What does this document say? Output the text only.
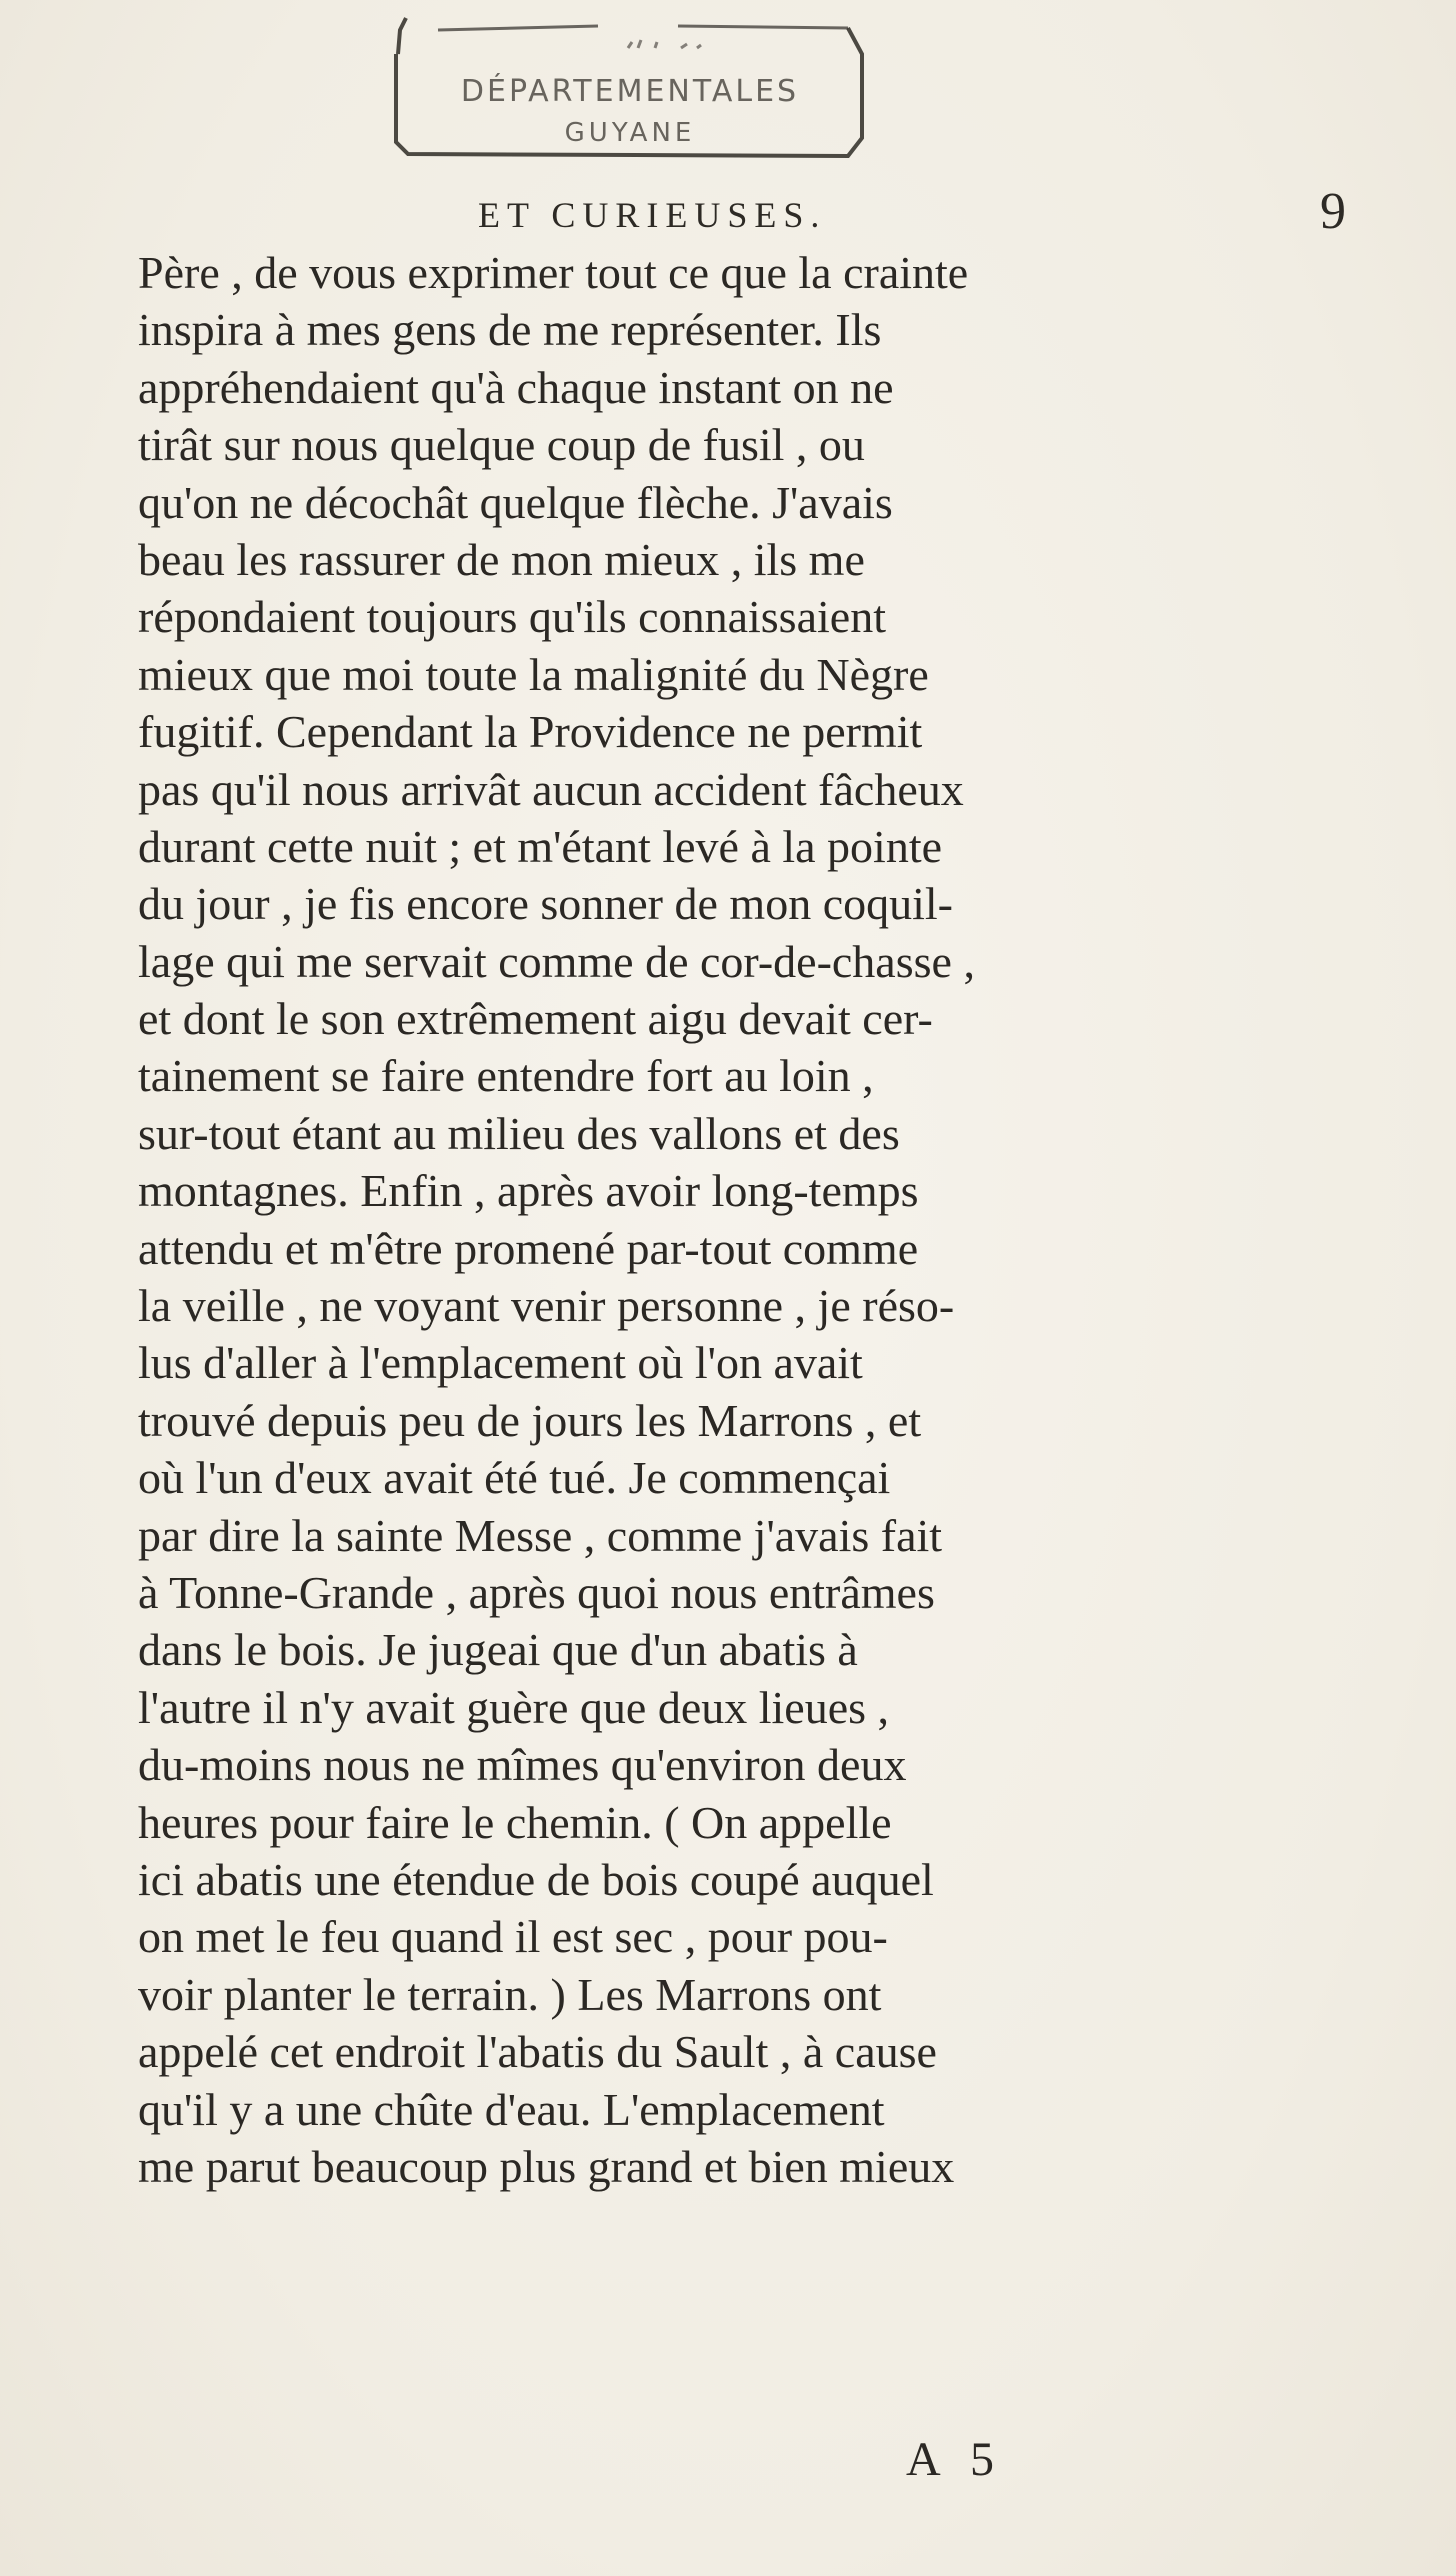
DÉPARTEMENTALES
GUYANE
ET CURIEUSES.	9
Père , de vous exprimer tout ce que la crainte
inspira à mes gens de me représenter. Ils
appréhendaient qu'à chaque instant on ne
tirât sur nous quelque coup de fusil , ou
qu'on ne décochât quelque flèche. J'avais
beau les rassurer de mon mieux , ils me
répondaient toujours qu'ils connaissaient
mieux que moi toute la malignité du Nègre
fugitif. Cependant la Providence ne permit
pas qu'il nous arrivât aucun accident fâcheux
durant cette nuit ; et m'étant levé à la pointe
du jour , je fis encore sonner de mon coquil-
lage qui me servait comme de cor-de-chasse ,
et dont le son extrêmement aigu devait cer-
tainement se faire entendre fort au loin ,
sur-tout étant au milieu des vallons et des
montagnes. Enfin , après avoir long-temps
attendu et m'être promené par-tout comme
la veille , ne voyant venir personne , je réso-
lus d'aller à l'emplacement où l'on avait
trouvé depuis peu de jours les Marrons , et
où l'un d'eux avait été tué. Je commençai
par dire la sainte Messe , comme j'avais fait
à Tonne-Grande , après quoi nous entrâmes
dans le bois. Je jugeai que d'un abatis à
l'autre il n'y avait guère que deux lieues ,
du-moins nous ne mîmes qu'environ deux
heures pour faire le chemin. ( On appelle
ici abatis une étendue de bois coupé auquel
on met le feu quand il est sec , pour pou-
voir planter le terrain. ) Les Marrons ont
appelé cet endroit l'abatis du Sault , à cause
qu'il y a une chûte d'eau. L'emplacement
me parut beaucoup plus grand et bien mieux
A 5
